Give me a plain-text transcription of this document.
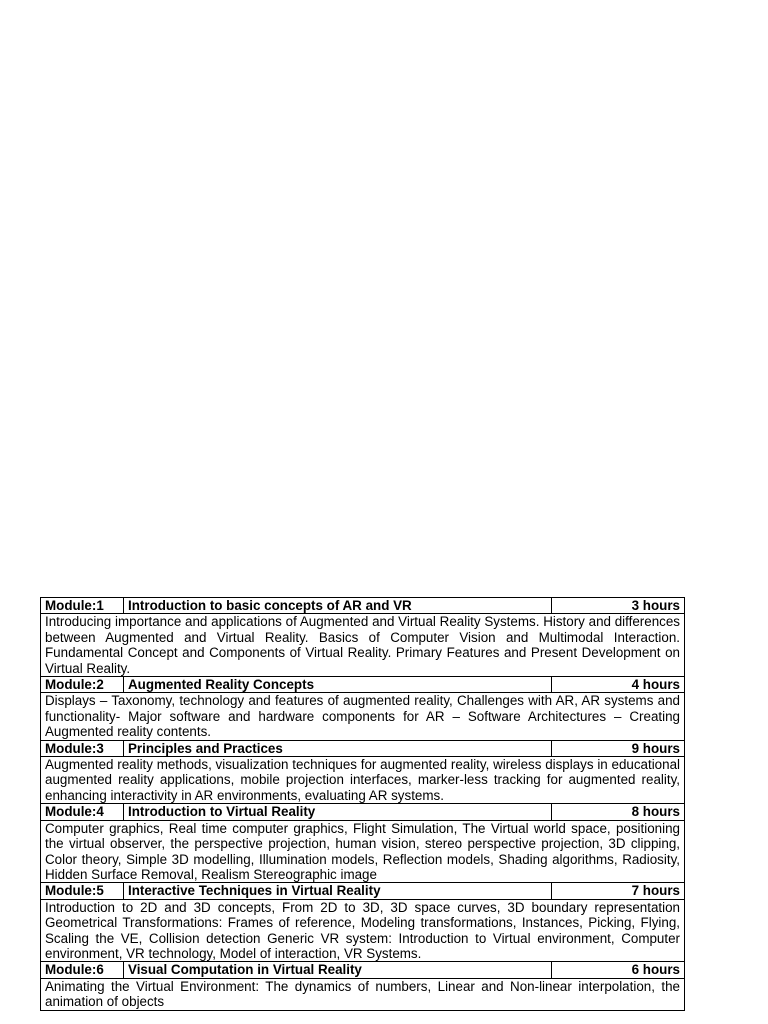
Module:1	Introduction to basic concepts of AR and VR	3 hours
Introducing importance and applications of Augmented and Virtual Reality Systems. History and differences between Augmented and Virtual Reality. Basics of Computer Vision and Multimodal Interaction. Fundamental Concept and Components of Virtual Reality. Primary Features and Present Development on Virtual Reality.		
Module:2	Augmented Reality Concepts	4 hours
Displays – Taxonomy, technology and features of augmented reality, Challenges with AR, AR systems and functionality- Major software and hardware components for AR – Software Architectures – Creating Augmented reality contents.		
Module:3	Principles and Practices	9 hours
Augmented reality methods, visualization techniques for augmented reality, wireless displays in educational augmented reality applications, mobile projection interfaces, marker-less tracking for augmented reality, enhancing interactivity in AR environments, evaluating AR systems.		
Module:4	Introduction to Virtual Reality	8 hours
Computer graphics, Real time computer graphics, Flight Simulation, The Virtual world space, positioning the virtual observer, the perspective projection, human vision, stereo perspective projection, 3D clipping, Color theory, Simple 3D modelling, Illumination models, Reflection models, Shading algorithms, Radiosity, Hidden Surface Removal, Realism Stereographic image		
Module:5	Interactive Techniques in Virtual Reality	7 hours
Introduction to 2D and 3D concepts, From 2D to 3D, 3D space curves, 3D boundary representation Geometrical Transformations: Frames of reference, Modeling transformations, Instances, Picking, Flying, Scaling the VE, Collision detection Generic VR system: Introduction to Virtual environment, Computer environment, VR technology, Model of interaction, VR Systems.		
Module:6	Visual Computation in Virtual Reality	6 hours
Animating the Virtual Environment: The dynamics of numbers, Linear and Non-linear interpolation, the animation of objects		
